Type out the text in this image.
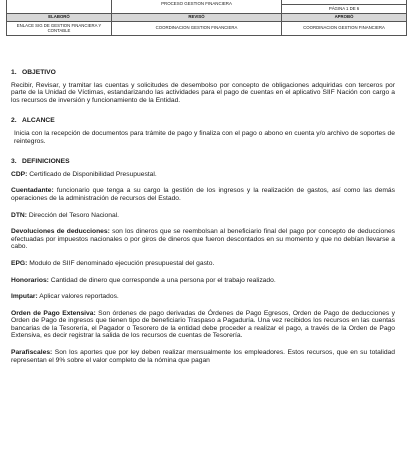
	PROCESO GESTION FINANCIERA	PÁGINA 1 DE 6

ELABORÓ	REVISÓ	APROBÓ
ENLACE SIG DE GESTION FINANCIERA Y CONTABLE	COORDINACION GESTION FINANCIERA	COORDINACION GESTION FINANCIERA
1. OBJETIVO

Recibir, Revisar, y tramitar las cuentas y solicitudes de desembolso por concepto de obligaciones adquiridas con terceros por parte de la Unidad de Víctimas, estandarizando las actividades para el pago de cuentas en el aplicativo SIIF Nación con cargo a los recursos de inversión y funcionamiento de la Entidad.

2. ALCANCE

Inicia con la recepción de documentos para trámite de pago y finaliza con el pago o abono en cuenta y/o archivo de soportes de reintegros.

3. DEFINICIONES

CDP: Certificado de Disponibilidad Presupuestal.

Cuentadante: funcionario que tenga a su cargo la gestión de los ingresos y la realización de gastos, así como las demás operaciones de la administración de recursos del Estado.

DTN: Dirección del Tesoro Nacional.

Devoluciones de deducciones: son los dineros que se reembolsan al beneficiario final del pago por concepto de deducciones efectuadas por impuestos nacionales o por giros de dineros que fueron descontados en su momento y que no debían llevarse a cabo.

EPG: Modulo de SIIF denominado ejecución presupuestal del gasto.

Honorarios: Cantidad de dinero que corresponde a una persona por el trabajo realizado.

Imputar: Aplicar valores reportados.

Orden de Pago Extensiva: Son órdenes de pago derivadas de Órdenes de Pago Egresos, Orden de Pago de deducciones y Orden de Pago de ingresos que tienen tipo de beneficiario Traspaso a Pagaduría. Una vez recibidos los recursos en las cuentas bancarias de la Tesorería, el Pagador o Tesorero de la entidad debe proceder a realizar el pago, a través de la Orden de Pago Extensiva, es decir registrar la salida de los recursos de cuentas de Tesorería.

Parafiscales: Son los aportes que por ley deben realizar mensualmente los empleadores. Estos recursos, que en su totalidad representan el 9% sobre el valor completo de la nómina que pagan
